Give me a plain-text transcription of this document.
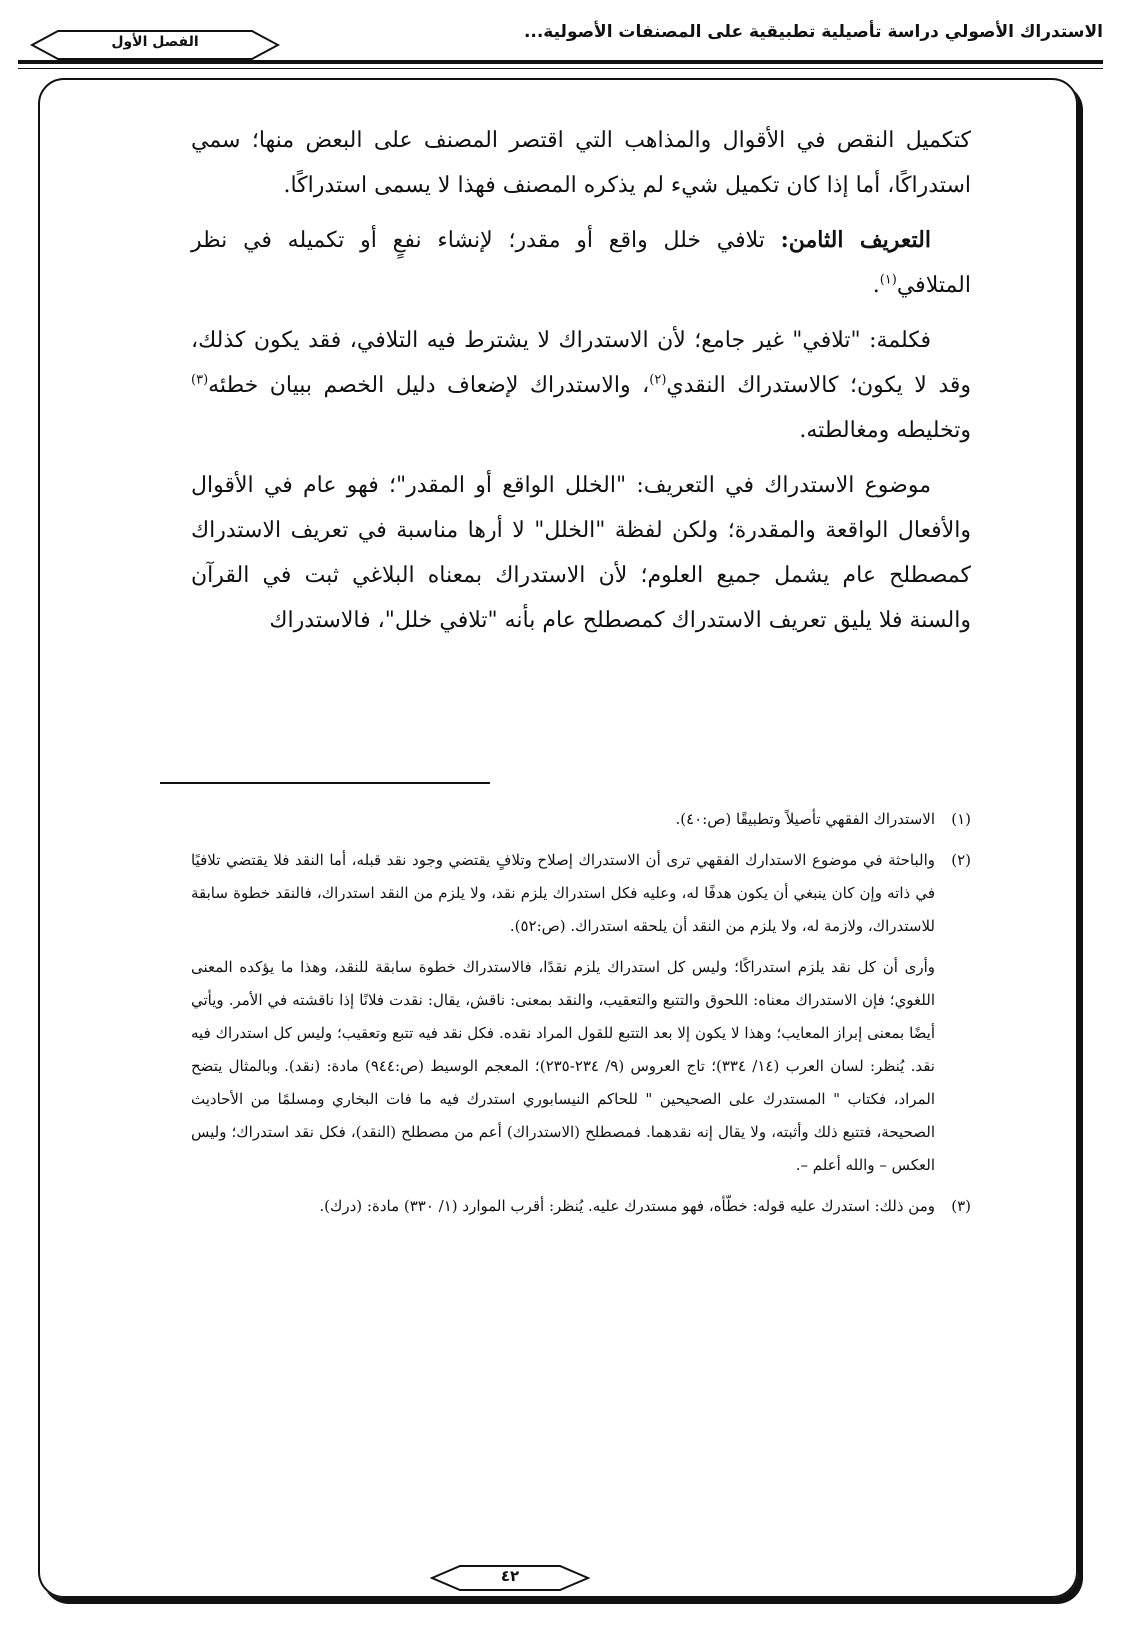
الاستدراك الأصولي دراسة تأصيلية تطبيقية على المصنفات الأصولية...
الفصل الأول

كتكميل النقص في الأقوال والمذاهب التي اقتصر المصنف على البعض منها؛ سمي استدراكًا، أما إذا كان تكميل شيء لم يذكره المصنف فهذا لا يسمى استدراكًا.

التعريف الثامن: تلافي خلل واقع أو مقدر؛ لإنشاء نفعٍ أو تكميله في نظر المتلافي$^{(١)}$.

فكلمة: "تلافي" غير جامع؛ لأن الاستدراك لا يشترط فيه التلافي، فقد يكون كذلك، وقد لا يكون؛ كالاستدراك النقدي$^{(٢)}$، والاستدراك لإضعاف دليل الخصم ببيان خطئه$^{(٣)}$ وتخليطه ومغالطته.

موضوع الاستدراك في التعريف: "الخلل الواقع أو المقدر"؛ فهو عام في الأقوال والأفعال الواقعة والمقدرة؛ ولكن لفظة "الخلل" لا أرها مناسبة في تعريف الاستدراك كمصطلح عام يشمل جميع العلوم؛ لأن الاستدراك بمعناه البلاغي ثبت في القرآن والسنة فلا يليق تعريف الاستدراك كمصطلح عام بأنه "تلافي خلل"، فالاستدراك

(١)
الاستدراك الفقهي تأصيلاً وتطبيقًا (ص:٤٠).
(٢)
والباحثة في موضوع الاستدارك الفقهي ترى أن الاستدراك إصلاح وتلافٍ يقتضي وجود نقد قبله، أما النقد فلا يقتضي تلافيًا في ذاته وإن كان ينبغي أن يكون هدفًا له، وعليه فكل استدراك يلزم نقد، ولا يلزم من النقد استدراك، فالنقد خطوة سابقة للاستدراك، ولازمة له، ولا يلزم من النقد أن يلحقه استدراك. (ص:٥٢).
وأرى أن كل نقد يلزم استدراكًا؛ وليس كل استدراك يلزم نقدًا، فالاستدراك خطوة سابقة للنقد، وهذا ما يؤكده المعنى اللغوي؛ فإن الاستدراك معناه: اللحوق والتتبع والتعقيب، والنقد بمعنى: ناقش، يقال: نقدت فلانًا إذا ناقشته في الأمر. ويأتي أيضًا بمعنى إبراز المعايب؛ وهذا لا يكون إلا بعد التتبع للقول المراد نقده. فكل نقد فيه تتبع وتعقيب؛ وليس كل استدراك فيه نقد. يُنظر: لسان العرب (١٤/ ٣٣٤)؛ تاج العروس (٩/ ٢٣٤-٢٣٥)؛ المعجم الوسيط (ص:٩٤٤) مادة: (نقد). وبالمثال يتضح المراد، فكتاب " المستدرك على الصحيحين " للحاكم النيسابوري استدرك فيه ما فات البخاري ومسلمًا من الأحاديث الصحيحة، فتتبع ذلك وأثبته، ولا يقال إنه نقدهما. فمصطلح (الاستدراك) أعم من مصطلح (النقد)، فكل نقد استدراك؛ وليس العكس – والله أعلم –.
(٣)
ومن ذلك: استدرك عليه قوله: خطّأه، فهو مستدرك عليه. يُنظر: أقرب الموارد (١/ ٣٣٠) مادة: (درك).
٤٢
